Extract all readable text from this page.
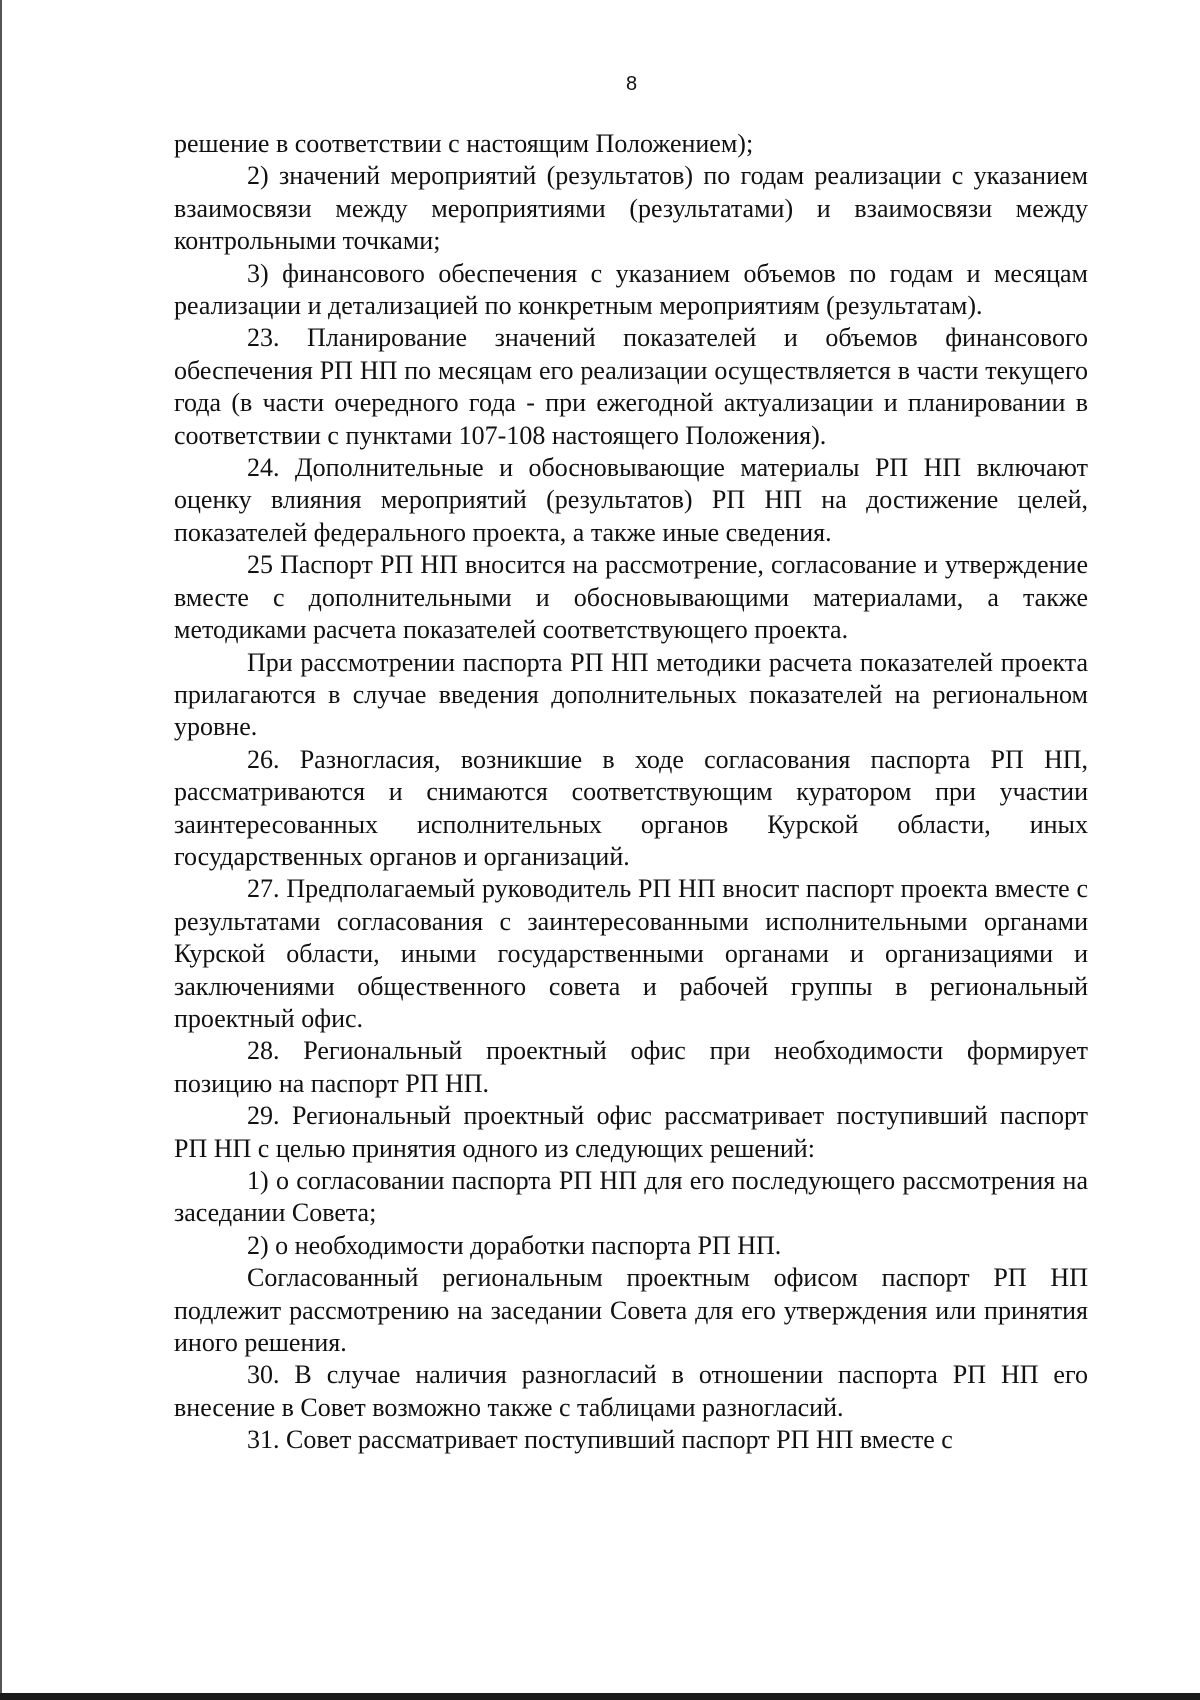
8

решение в соответствии с настоящим Положением);

2) значений мероприятий (результатов) по годам реализации с указанием взаимосвязи между мероприятиями (результатами) и взаимосвязи между контрольными точками;

3) финансового обеспечения с указанием объемов по годам и месяцам реализации и детализацией по конкретным мероприятиям (результатам).

23. Планирование значений показателей и объемов финансового обеспечения РП НП по месяцам его реализации осуществляется в части текущего года (в части очередного года - при ежегодной актуализации и планировании в соответствии с пунктами 107-108 настоящего Положения).

24. Дополнительные и обосновывающие материалы РП НП включают оценку влияния мероприятий (результатов) РП НП на достижение целей, показателей федерального проекта, а также иные сведения.

25 Паспорт РП НП вносится на рассмотрение, согласование и утверждение вместе с дополнительными и обосновывающими материалами, а также методиками расчета показателей соответствующего проекта.

При рассмотрении паспорта РП НП методики расчета показателей проекта прилагаются в случае введения дополнительных показателей на региональном уровне.

26. Разногласия, возникшие в ходе согласования паспорта РП НП, рассматриваются и снимаются соответствующим куратором при участии заинтересованных исполнительных органов Курской области, иных государственных органов и организаций.

27. Предполагаемый руководитель РП НП вносит паспорт проекта вместе с результатами согласования с заинтересованными исполнительными органами Курской области, иными государственными органами и организациями и заключениями общественного совета и рабочей группы в региональный проектный офис.

28. Региональный проектный офис при необходимости формирует позицию на паспорт РП НП.

29. Региональный проектный офис рассматривает поступивший паспорт РП НП с целью принятия одного из следующих решений:

1) о согласовании паспорта РП НП для его последующего рассмотрения на заседании Совета;

2) о необходимости доработки паспорта РП НП.

Согласованный региональным проектным офисом паспорт РП НП подлежит рассмотрению на заседании Совета для его утверждения или принятия иного решения.

30. В случае наличия разногласий в отношении паспорта РП НП его внесение в Совет возможно также с таблицами разногласий.

31. Совет рассматривает поступивший паспорт РП НП вместе с
